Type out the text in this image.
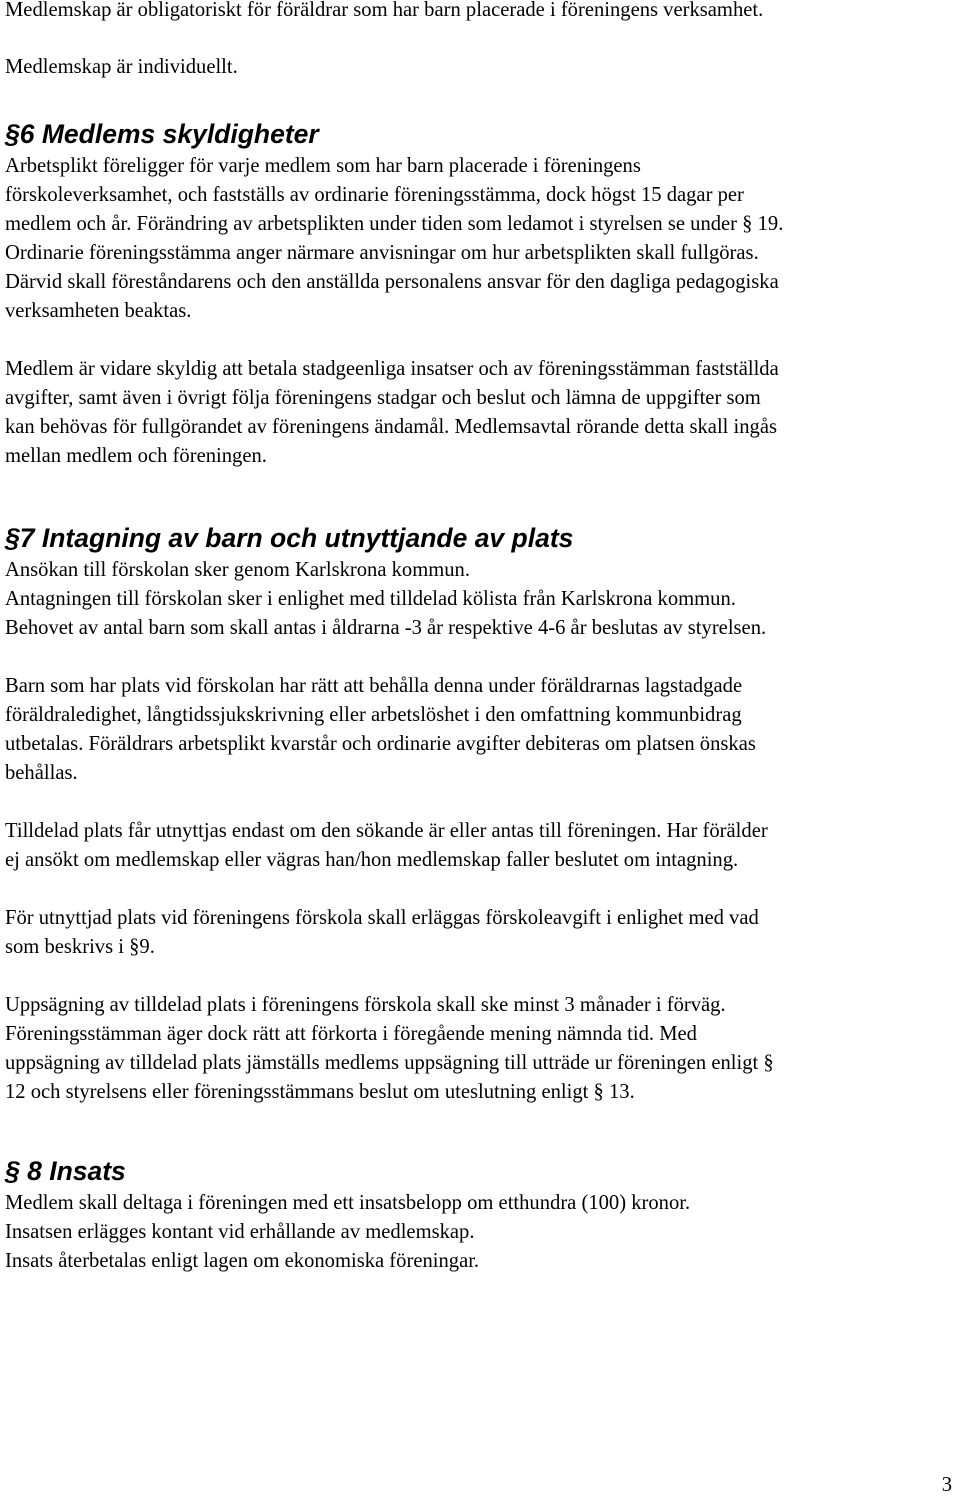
Medlemskap är obligatoriskt för föräldrar som har barn placerade i föreningens verksamhet.
Medlemskap är individuellt.
§6 Medlems skyldigheter
Arbetsplikt föreligger för varje medlem som har barn placerade i föreningens
förskoleverksamhet, och fastställs av ordinarie föreningsstämma, dock högst 15 dagar per
medlem och år. Förändring av arbetsplikten under tiden som ledamot i styrelsen se under § 19.
Ordinarie föreningsstämma anger närmare anvisningar om hur arbetsplikten skall fullgöras.
Därvid skall föreståndarens och den anställda personalens ansvar för den dagliga pedagogiska
verksamheten beaktas.
Medlem är vidare skyldig att betala stadgeenliga insatser och av föreningsstämman fastställda
avgifter, samt även i övrigt följa föreningens stadgar och beslut och lämna de uppgifter som
kan behövas för fullgörandet av föreningens ändamål. Medlemsavtal rörande detta skall ingås
mellan medlem och föreningen.
§7 Intagning av barn och utnyttjande av plats
Ansökan till förskolan sker genom Karlskrona kommun.
Antagningen till förskolan sker i enlighet med tilldelad kölista från Karlskrona kommun.
Behovet av antal barn som skall antas i åldrarna -3 år respektive 4-6 år beslutas av styrelsen.
Barn som har plats vid förskolan har rätt att behålla denna under föräldrarnas lagstadgade
föräldraledighet, långtidssjukskrivning eller arbetslöshet i den omfattning kommunbidrag
utbetalas. Föräldrars arbetsplikt kvarstår och ordinarie avgifter debiteras om platsen önskas
behållas.
Tilldelad plats får utnyttjas endast om den sökande är eller antas till föreningen. Har förälder
ej ansökt om medlemskap eller vägras han/hon medlemskap faller beslutet om intagning.
För utnyttjad plats vid föreningens förskola skall erläggas förskoleavgift i enlighet med vad
som beskrivs i §9.
Uppsägning av tilldelad plats i föreningens förskola skall ske minst 3 månader i förväg.
Föreningsstämman äger dock rätt att förkorta i föregående mening nämnda tid. Med
uppsägning av tilldelad plats jämställs medlems uppsägning till utträde ur föreningen enligt §
12 och styrelsens eller föreningsstämmans beslut om uteslutning enligt § 13.
§ 8 Insats
Medlem skall deltaga i föreningen med ett insatsbelopp om etthundra (100) kronor.
Insatsen erlägges kontant vid erhållande av medlemskap.
Insats återbetalas enligt lagen om ekonomiska föreningar.
3
